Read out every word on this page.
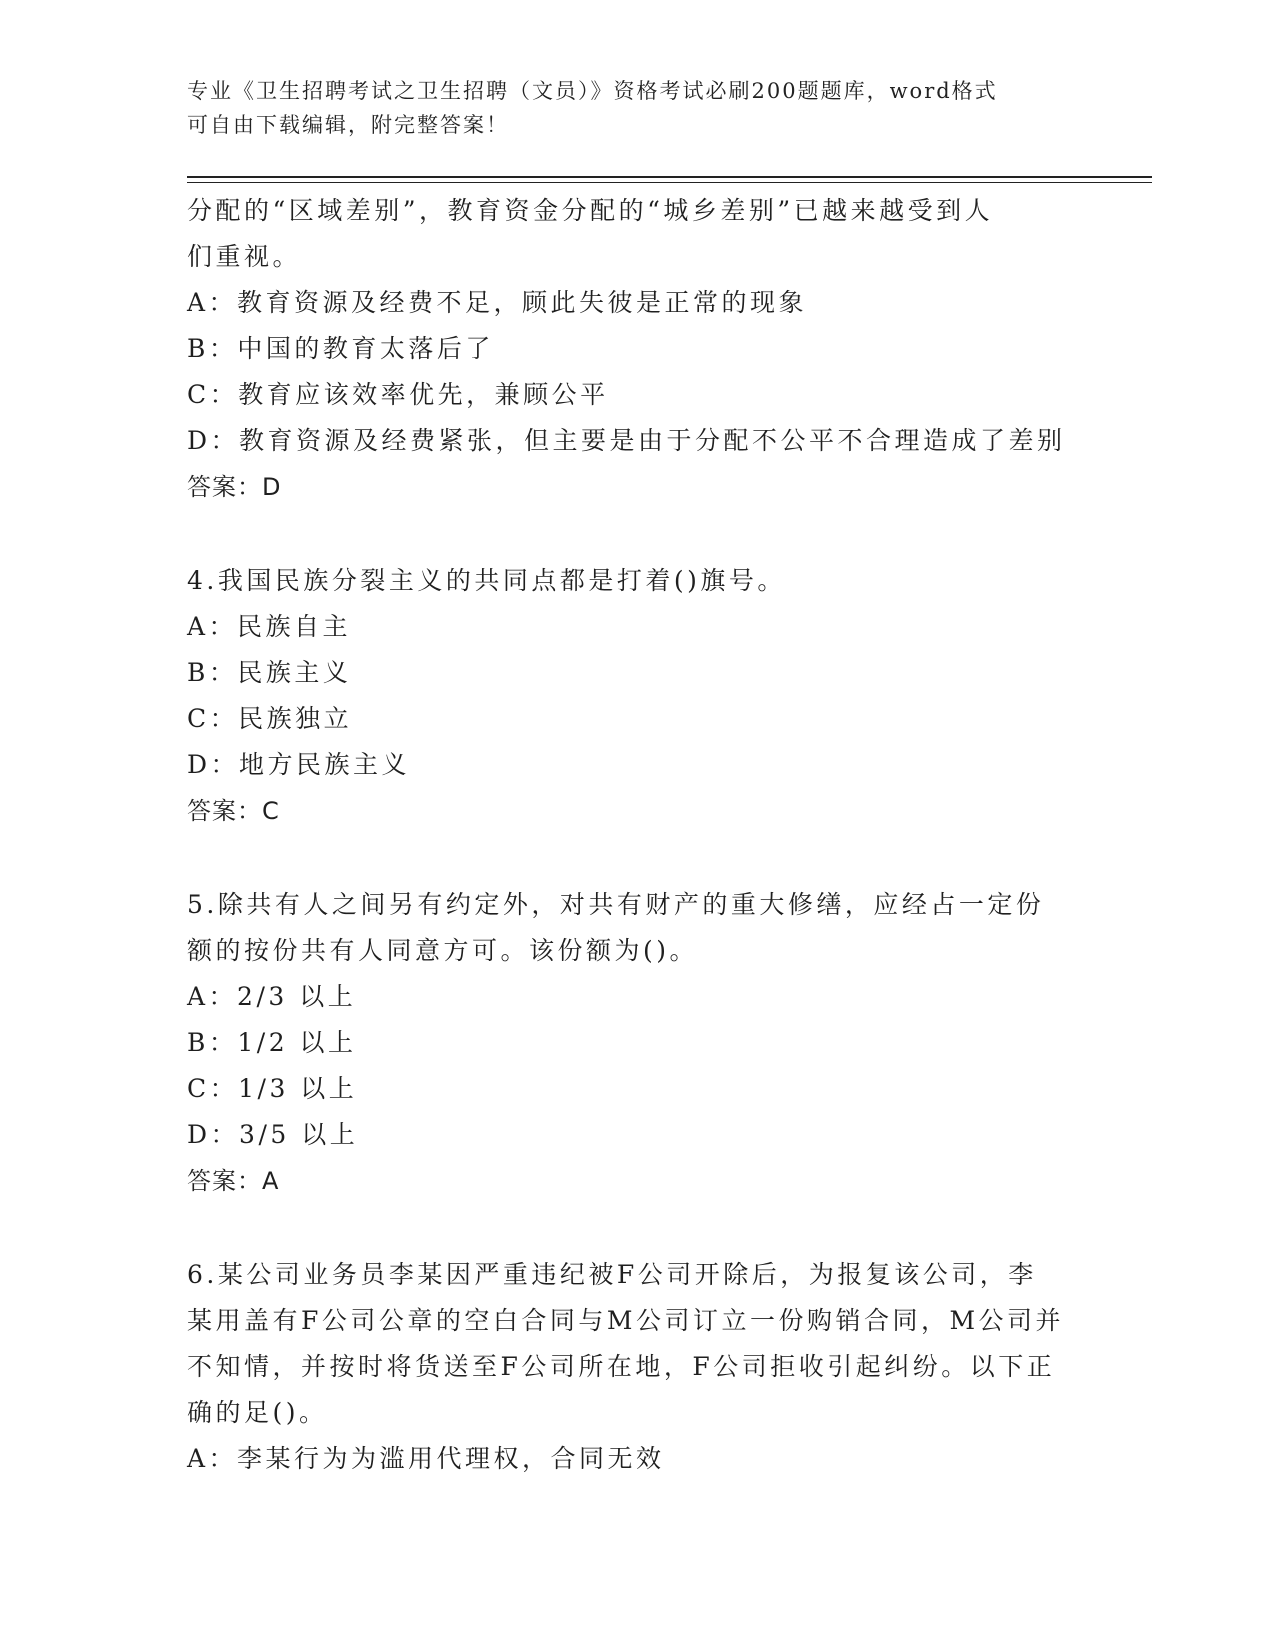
专业《卫生招聘考试之卫生招聘（文员）》资格考试必刷200题题库，word格式
可自由下载编辑，附完整答案！
分配的“区域差别”，教育资金分配的“城乡差别”已越来越受到人
们重视。
A：教育资源及经费不足，顾此失彼是正常的现象
B：中国的教育太落后了
C：教育应该效率优先，兼顾公平
D：教育资源及经费紧张，但主要是由于分配不公平不合理造成了差别
答案：D
4.我国民族分裂主义的共同点都是打着()旗号。
A：民族自主
B：民族主义
C：民族独立
D：地方民族主义
答案：C
5.除共有人之间另有约定外，对共有财产的重大修缮，应经占一定份
额的按份共有人同意方可。该份额为()。
A：2/3 以上
B：1/2 以上
C：1/3 以上
D：3/5 以上
答案：A
6.某公司业务员李某因严重违纪被F公司开除后，为报复该公司，李
某用盖有F公司公章的空白合同与M公司订立一份购销合同，M公司并
不知情，并按时将货送至F公司所在地，F公司拒收引起纠纷。以下正
确的足()。
A：李某行为为滥用代理权，合同无效
